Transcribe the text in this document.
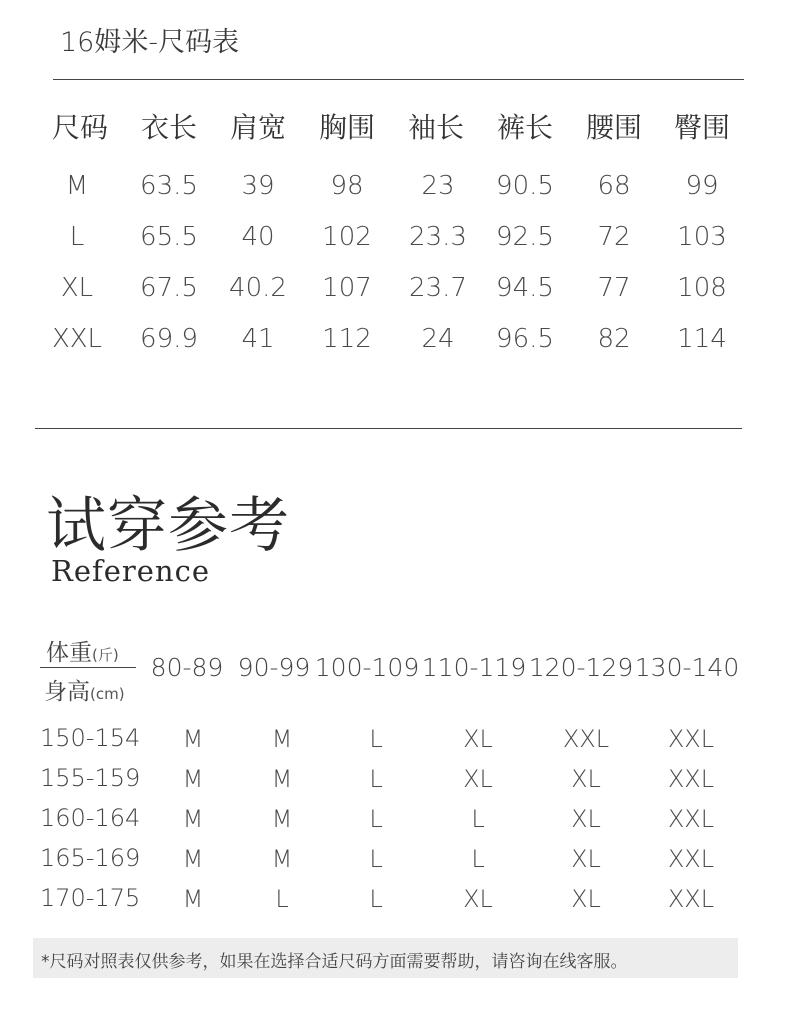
16姆米-尺码表
尺码	衣长	肩宽	胸围	袖长	裤长	腰围	臀围
M	63.5	39	98	23	90.5	68	99
L	65.5	40	102	23.3	92.5	72	103
XL	67.5	40.2	107	23.7	94.5	77	108
XXL	69.9	41	112	24	96.5	82	114
试穿参考
Reference
体重(斤)
身高(cm)
80-89 90-99 100-109 110-119 120-129 130-140
150-154	M	M	L	XL	XXL	XXL
155-159	M	M	L	XL	XL	XXL
160-164	M	M	L	L	XL	XXL
165-169	M	M	L	L	XL	XXL
170-175	M	L	L	XL	XL	XXL
*尺码对照表仅供参考，如果在选择合适尺码方面需要帮助，请咨询在线客服。
